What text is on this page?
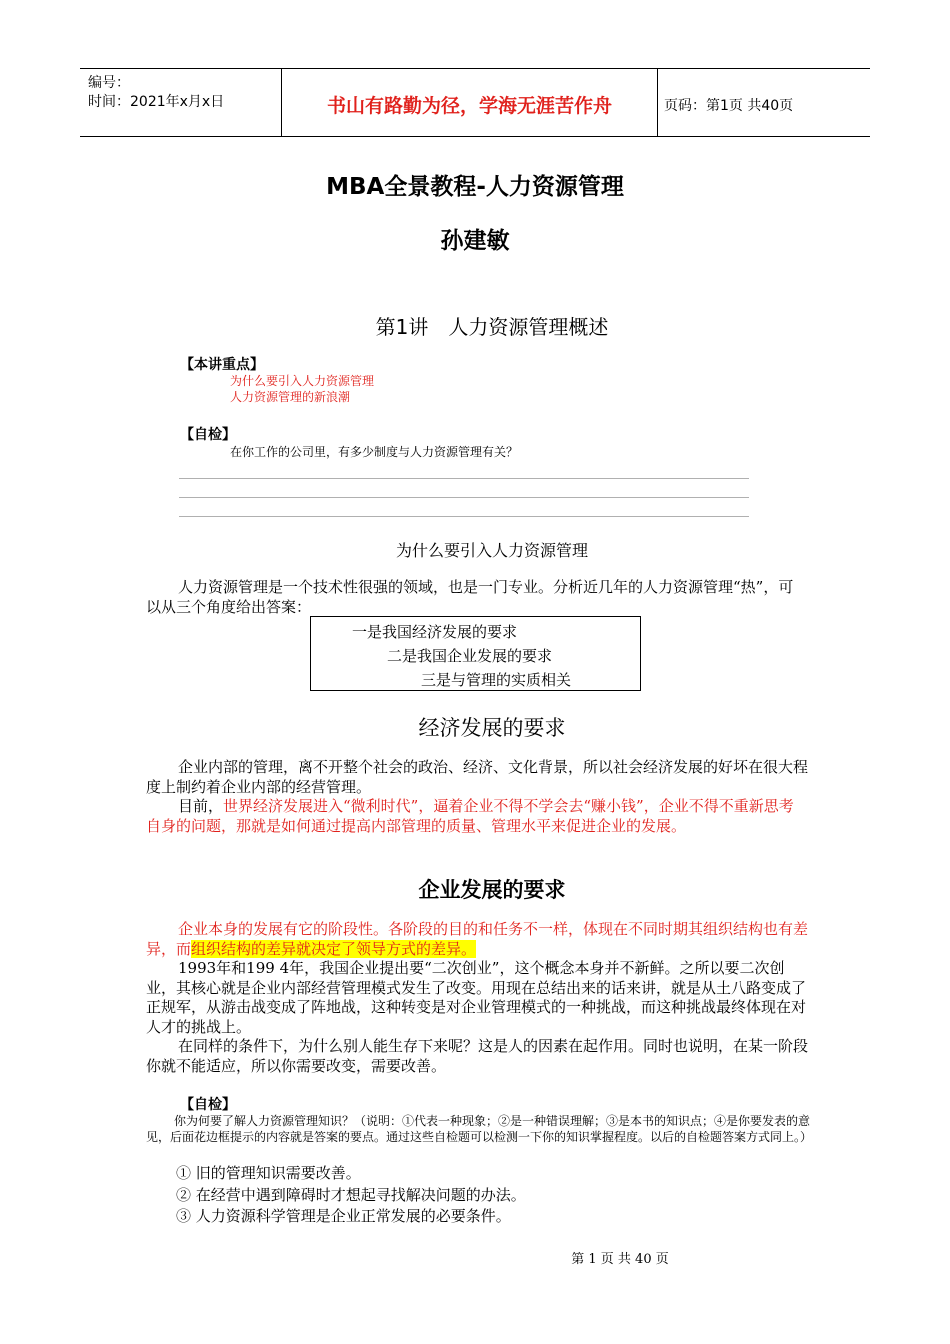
编号：
时间：2021年x月x日	书山有路勤为径，学海无涯苦作舟	页码：第1页 共40页
MBA全景教程-人力资源管理
孙建敏
第1讲　人力资源管理概述
【本讲重点】
为什么要引入人力资源管理
人力资源管理的新浪潮
【自检】
在你工作的公司里，有多少制度与人力资源管理有关？
为什么要引入人力资源管理

人力资源管理是一个技术性很强的领域，也是一门专业。分析近几年的人力资源管理“热”，可以从三个角度给出答案：

一是我国经济发展的要求
二是我国企业发展的要求
三是与管理的实质相关
经济发展的要求

企业内部的管理，离不开整个社会的政治、经济、文化背景，所以社会经济发展的好坏在很大程度上制约着企业内部的经营管理。

目前，世界经济发展进入“微利时代”，逼着企业不得不学会去“赚小钱”，企业不得不重新思考自身的问题，那就是如何通过提高内部管理的质量、管理水平来促进企业的发展。

企业发展的要求

企业本身的发展有它的阶段性。各阶段的目的和任务不一样，体现在不同时期其组织结构也有差异，而组织结构的差异就决定了领导方式的差异。

1993年和199 4年，我国企业提出要“二次创业”，这个概念本身并不新鲜。之所以要二次创业，其核心就是企业内部经营管理模式发生了改变。用现在总结出来的话来讲，就是从土八路变成了正规军，从游击战变成了阵地战，这种转变是对企业管理模式的一种挑战，而这种挑战最终体现在对人才的挑战上。

在同样的条件下，为什么别人能生存下来呢？这是人的因素在起作用。同时也说明，在某一阶段你就不能适应，所以你需要改变，需要改善。

【自检】
你为何要了解人力资源管理知识？（说明：①代表一种现象；②是一种错误理解；③是本书的知识点；④是你要发表的意见，后面花边框提示的内容就是答案的要点。通过这些自检题可以检测一下你的知识掌握程度。以后的自检题答案方式同上。）
① 旧的管理知识需要改善。
② 在经营中遇到障碍时才想起寻找解决问题的办法。
③ 人力资源科学管理是企业正常发展的必要条件。
第 1 页 共 40 页
